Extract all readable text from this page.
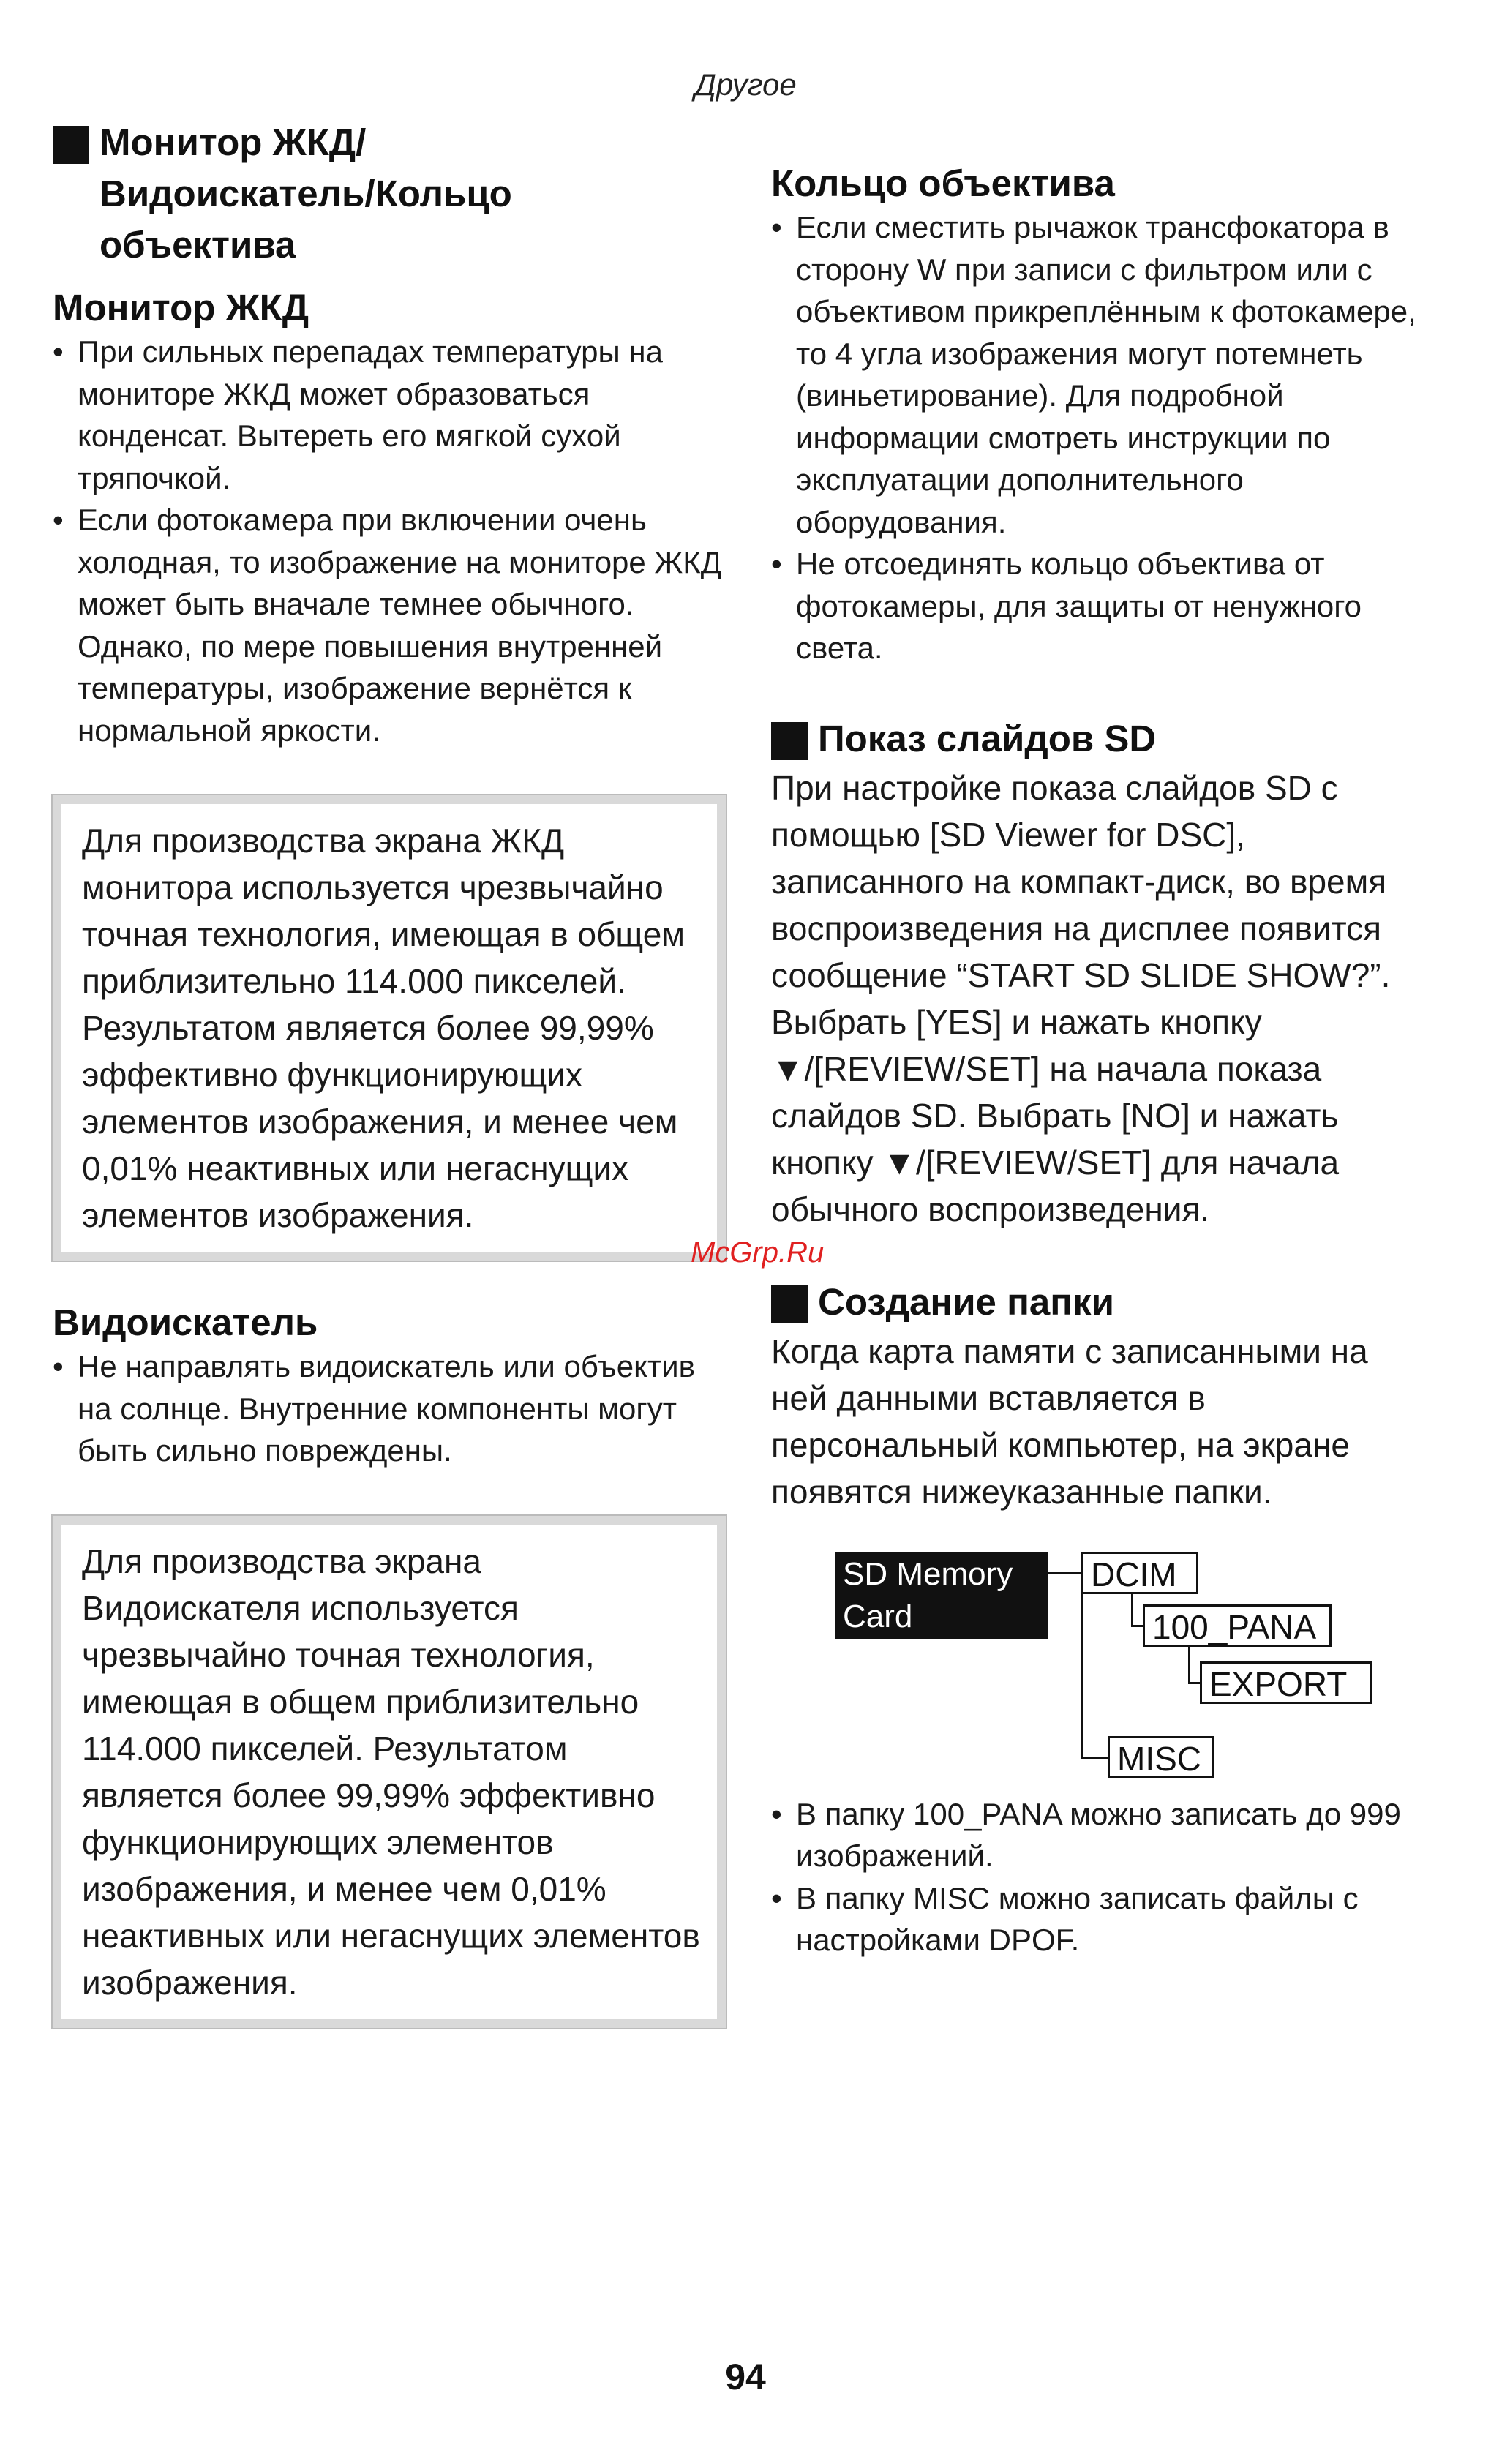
Другое
Монитор ЖКД/
Видоискатель/Кольцо
объектива
Монитор ЖКД
• При сильных перепадах температуры на мониторе ЖКД может образоваться конденсат. Вытереть его мягкой сухой тряпочкой.
• Если фотокамера при включении очень холодная, то изображение на мониторе ЖКД может быть вначале темнее обычного. Однако, по мере повышения внутренней температуры, изображение вернётся к нормальной яркости.
Для производства экрана ЖКД монитора используется чрезвычайно точная технология, имеющая в общем приблизительно 114.000 пикселей. Результатом является более 99,99% эффективно функционирующих элементов изображения, и менее чем 0,01% неактивных или негаснущих элементов изображения.
Видоискатель
• Не направлять видоискатель или объектив на солнце. Внутренние компоненты могут быть сильно повреждены.
Для производства экрана Видоискателя используется чрезвычайно точная технология, имеющая в общем приблизительно 114.000 пикселей. Результатом является более 99,99% эффективно функционирующих элементов изображения, и менее чем 0,01% неактивных или негаснущих элементов изображения.
Кольцо объектива
• Если сместить рычажок трансфокатора в сторону W при записи с фильтром или с объективом прикреплённым к фотокамере, то 4 угла изображения могут потемнеть (виньетирование). Для подробной информации смотреть инструкции по эксплуатации дополнительного оборудования.
• Не отсоединять кольцо объектива от фотокамеры, для защиты от ненужного света.
Показ слайдов SD

При настройке показа слайдов SD с помощью [SD Viewer for DSC], записанного на компакт-диск, во время воспроизведения на дисплее появится сообщение “START SD SLIDE SHOW?”. Выбрать [YES] и нажать кнопку ▼/[REVIEW/SET] на начала показа слайдов SD. Выбрать [NO] и нажать кнопку ▼/[REVIEW/SET] для начала обычного воспроизведения.

Создание папки

Когда карта памяти с записанными на ней данными вставляется в персональный компьютер, на экране появятся нижеуказанные папки.

SD Memory
Card
DCIM
100_PANA
EXPORT
MISC
• В папку 100_PANA можно записать до 999 изображений.
• В папку MISC можно записать файлы с настройками DPOF.
McGrp.Ru
94
